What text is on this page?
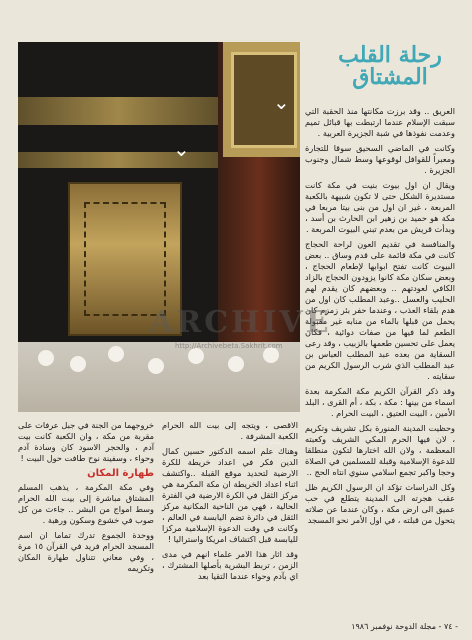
⌄
⌄
مقام ابراهيم
رحلة القلب المشتاق

العريق .. وقد برزت مكانتها منذ الحقبة التي سبقت الإسلام عندما ارتبطت بها قبائل تميم وعدمت نفوذها في شبة الجزيرة العربية .

وكانت في الماضي السحيق سوقا للتجارة ومعبراً للقوافل لوقوعها وسط شمال وجنوب الجزيرة .

ويقال ان اول بيوت بنيت في مكة كانت مستديرة الشكل حتى لا تكون شبيهة بالكعبة المربعة ، غير ان اول من بنى بيتا مربعا في مكة هو حميد بن زهير ابن الحارث بن أسد ، وبدأت قريش من بعدم تبني البيوت المربعة .

والمنافسة في تقديم العون لراحة الحجاج كانت في مكة قائمة على قدم وساق .. بعض البيوت كانت تفتح ابوابها لإطعام الحجاج ، وبعض سكان مكة كانوا يزودون الحجاج بالزاد الكافي لعودتهم .. وبعضهم كان يقدم لهم الحليب والعسل ..وعبد المطلب كان اول من هدم بلقاء العذب ، وعندما حفر بئر زمزم كان يحمل من قبلها بالماء من منابه غير مقبولة الطعم لما فيها من صفات دوائية ، فكان يعمل على تحسين طعمها بالزبيب ، وقد رعى السقاية من بعده عبد المطلب العباس بن عبد المطلب الذي شرب الرسول الكريم من سقايته .

وقد ذكر القرآن الكريم مكة المكرمة بعدة اسماء من بينها : مكة ، بكة ، أم القرى ، البلد الأمين ، البيت العتيق ، البيت الحرام .

وحظيت المدينة المنورة بكل تشريف وتكريم ، لان فيها الحرم المكي الشريف وكعبته المعظمة ، ولان الله اختارها لتكون منطلقا للدعوة الإسلامية وقبلة للمسلمين في الصلاة وحجا واكبر تجمع اسلامي سنوي انتاه الحج ..

وكل الدراسات تؤكد ان الرسول الكريم ظل عقب هجرته الى المدينة يتطلع في حب عميق الى ارض مكة ، وكان عندما عن صلاته يتحول من قبلته ، في اول الأمر نحو المسجد

الاقصى ، ويتجه إلى بيت الله الحرام الكعبة المشرفة .

وهناك علم اسمه الدكتور حسين كمال الدين فكر في اعداد خريطة للكرة الارضية لتحديد موقع القبلة ..واكتشف اثناء اعداد الخريطة ان مكة المكرمة هي مركز الثقل في الكرة الارضية في الفترة الحالية ، فهي من الناحية المكانية مركز الثقل في دائرة تضم اليابسة في العالم ، وكانت في وقت الدعوة الإسلامية مركزا لليابسة قبل اكتشاف امريكا واستراليا !

وقد اثار هذا الامر علماء انهم في مدى الزمن ، تربط البشرية بأصلها المشترك ، اي بآدم وحواء عندما التقيا بعد

خروجهما من الجنة في جبل عرفات على مقربة من مكة ، وان الكعبة كانت بيت آدم ، والحجر الاسود كان وسادة آدم وحواء ، وسفينة نوح طافت حول البيت !

طهارة المكان

وفي مكة المكرمة ، يذهب المسلم المشتاق مباشرة إلى بيت الله الحرام وسط امواج من البشر .. جاءت من كل صوب في خشوع وسكون ورهبة .

ووحدة الجموع تدرك تماما ان اسم المسجد الحرام فريد في القرآن ١٥ مرة ، وفي معاني تتناول طهارة المكان وتكريمه

ARCHIVE
http://Archivebeta.Sakhrit.com
- ٧٤ - مجلة الدوحة نوفمبر ١٩٨٦
